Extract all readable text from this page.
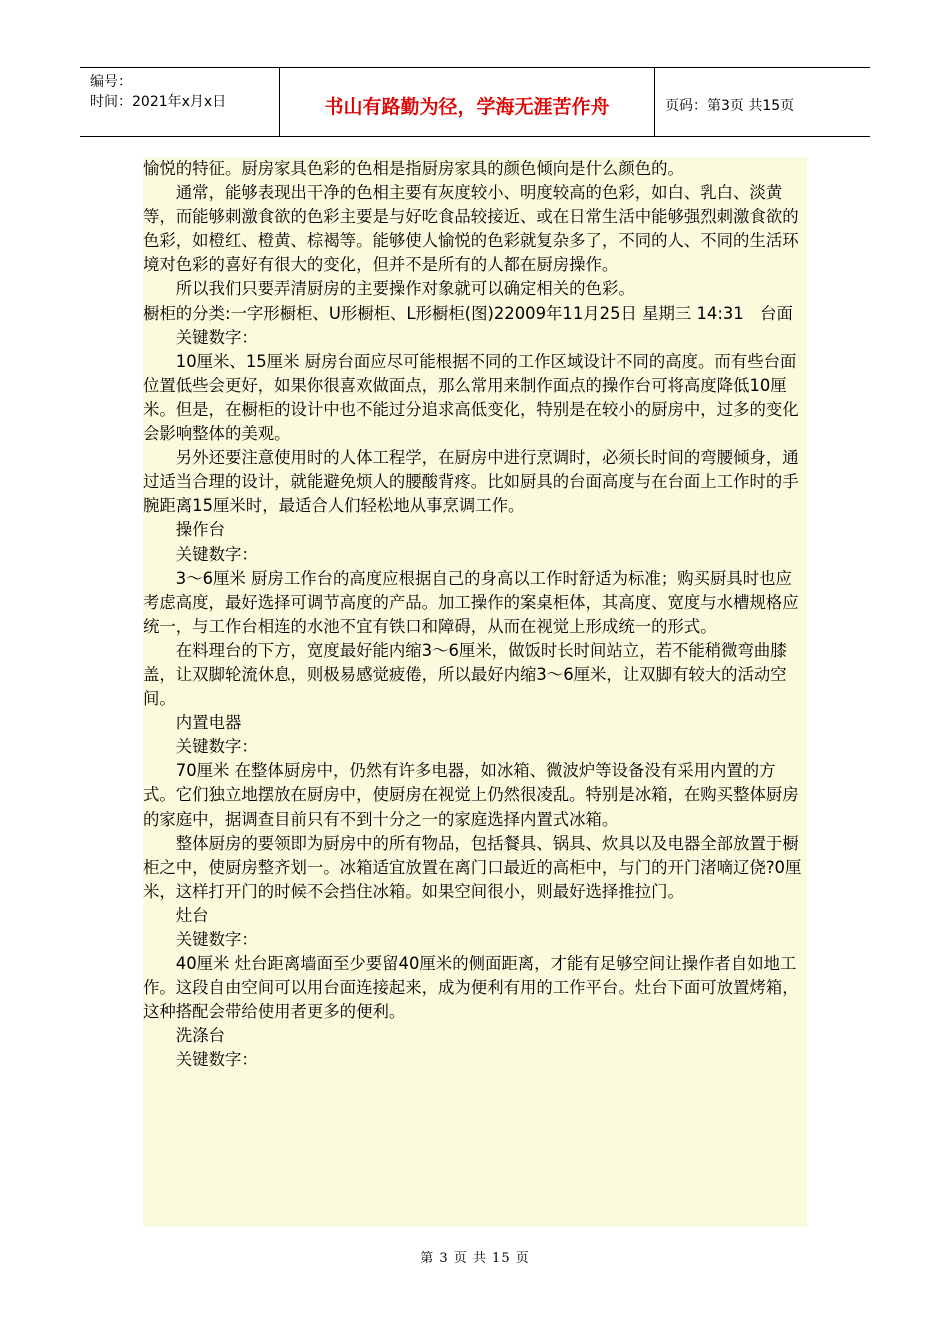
编号：
时间：2021年x月x日	书山有路勤为径，学海无涯苦作舟	页码：第3页 共15页

愉悦的特征。厨房家具色彩的色相是指厨房家具的颜色倾向是什么颜色的。

通常，能够表现出干净的色相主要有灰度较小、明度较高的色彩，如白、乳白、淡黄等，而能够刺激食欲的色彩主要是与好吃食品较接近、或在日常生活中能够强烈刺激食欲的色彩，如橙红、橙黄、棕褐等。能够使人愉悦的色彩就复杂多了，不同的人、不同的生活环境对色彩的喜好有很大的变化，但并不是所有的人都在厨房操作。

所以我们只要弄清厨房的主要操作对象就可以确定相关的色彩。

橱柜的分类:一字形橱柜、U形橱柜、L形橱柜(图)22009年11月25日 星期三 14:31　台面

关键数字：

10厘米、15厘米 厨房台面应尽可能根据不同的工作区域设计不同的高度。而有些台面位置低些会更好，如果你很喜欢做面点，那么常用来制作面点的操作台可将高度降低10厘米。但是，在橱柜的设计中也不能过分追求高低变化，特别是在较小的厨房中，过多的变化会影响整体的美观。

另外还要注意使用时的人体工程学，在厨房中进行烹调时，必须长时间的弯腰倾身，通过适当合理的设计，就能避免烦人的腰酸背疼。比如厨具的台面高度与在台面上工作时的手腕距离15厘米时，最适合人们轻松地从事烹调工作。

操作台

关键数字：

3～6厘米 厨房工作台的高度应根据自己的身高以工作时舒适为标准；购买厨具时也应考虑高度，最好选择可调节高度的产品。加工操作的案桌柜体，其高度、宽度与水槽规格应统一，与工作台相连的水池不宜有铁口和障碍，从而在视觉上形成统一的形式。

在料理台的下方，宽度最好能内缩3～6厘米，做饭时长时间站立，若不能稍微弯曲膝盖，让双脚轮流休息，则极易感觉疲倦，所以最好内缩3～6厘米，让双脚有较大的活动空间。

内置电器

关键数字：

70厘米 在整体厨房中，仍然有许多电器，如冰箱、微波炉等设备没有采用内置的方式。它们独立地摆放在厨房中，使厨房在视觉上仍然很凌乱。特别是冰箱，在购买整体厨房的家庭中，据调查目前只有不到十分之一的家庭选择内置式冰箱。

整体厨房的要领即为厨房中的所有物品，包括餐具、锅具、炊具以及电器全部放置于橱柜之中，使厨房整齐划一。冰箱适宜放置在离门口最近的高柜中，与门的开门渚嘀辽侥?0厘米，这样打开门的时候不会挡住冰箱。如果空间很小，则最好选择推拉门。

灶台

关键数字：

40厘米 灶台距离墙面至少要留40厘米的侧面距离，才能有足够空间让操作者自如地工作。这段自由空间可以用台面连接起来，成为便利有用的工作平台。灶台下面可放置烤箱，这种搭配会带给使用者更多的便利。

洗涤台

关键数字：

第 3 页 共 15 页
